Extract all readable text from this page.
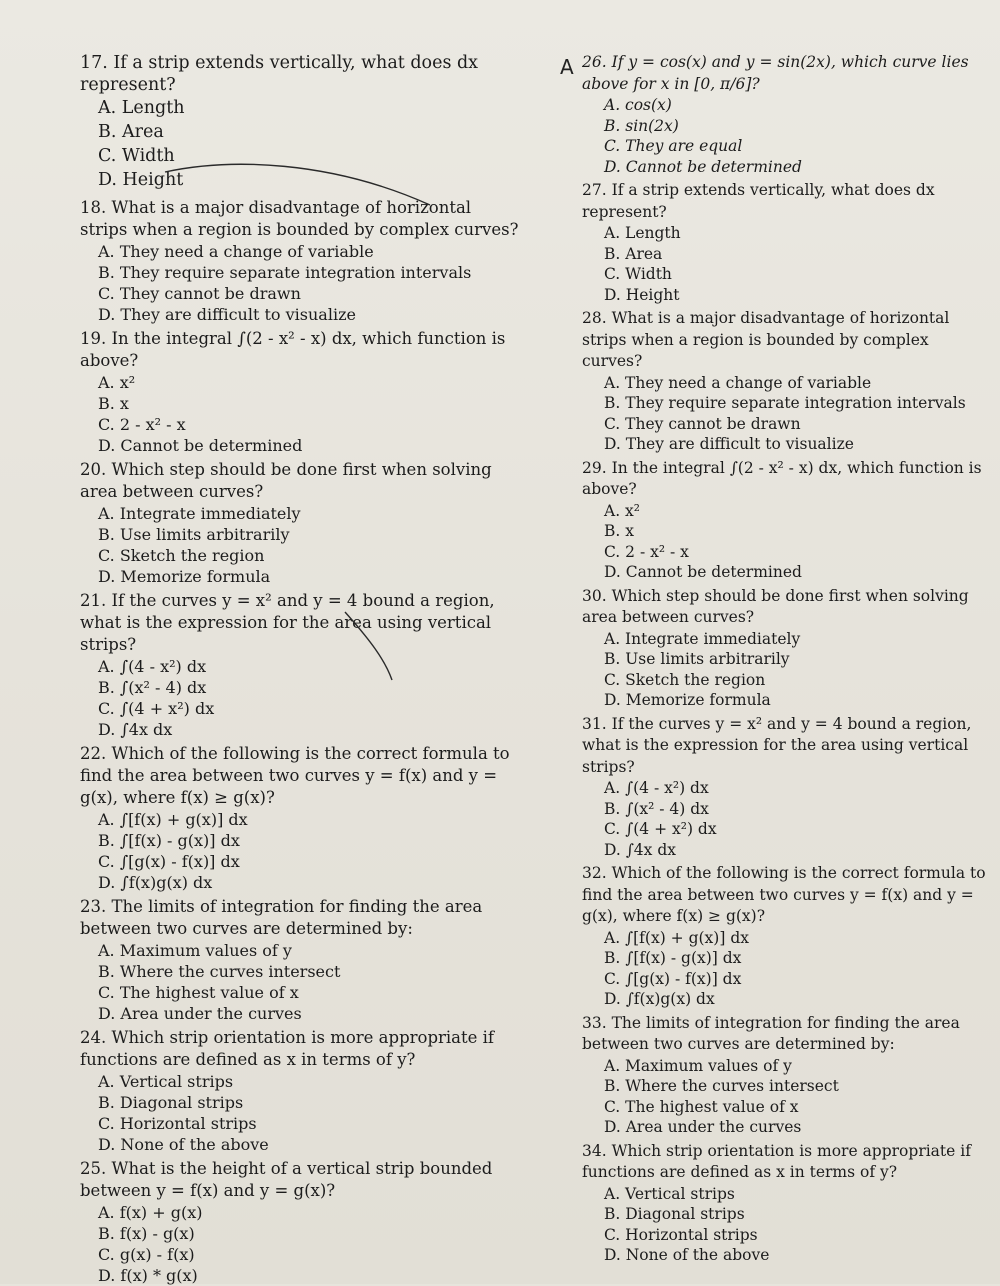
17. If a strip extends vertically, what does dx represent?
A. Length
B. Area
C. Width
D. Height
18. What is a major disadvantage of horizontal strips when a region is bounded by complex curves?
A. They need a change of variable
B. They require separate integration intervals
C. They cannot be drawn
D. They are difficult to visualize
19. In the integral ∫(2 - x² - x) dx, which function is above?
A. x²
B. x
C. 2 - x² - x
D. Cannot be determined
20. Which step should be done first when solving area between curves?
A. Integrate immediately
B. Use limits arbitrarily
C. Sketch the region
D. Memorize formula
21. If the curves y = x² and y = 4 bound a region, what is the expression for the area using vertical strips?
A. ∫(4 - x²) dx
B. ∫(x² - 4) dx
C. ∫(4 + x²) dx
D. ∫4x dx
22. Which of the following is the correct formula to find the area between two curves y = f(x) and y = g(x), where f(x) ≥ g(x)?
A. ∫[f(x) + g(x)] dx
B. ∫[f(x) - g(x)] dx
C. ∫[g(x) - f(x)] dx
D. ∫f(x)g(x) dx
23. The limits of integration for finding the area between two curves are determined by:
A. Maximum values of y
B. Where the curves intersect
C. The highest value of x
D. Area under the curves
24. Which strip orientation is more appropriate if functions are defined as x in terms of y?
A. Vertical strips
B. Diagonal strips
C. Horizontal strips
D. None of the above
25. What is the height of a vertical strip bounded between y = f(x) and y = g(x)?
A. f(x) + g(x)
B. f(x) - g(x)
C. g(x) - f(x)
D. f(x) * g(x)
A 26. If y = cos(x) and y = sin(2x), which curve lies above for x in [0, π/6]?
A. cos(x)
B. sin(2x)
C. They are equal
D. Cannot be determined
27. If a strip extends vertically, what does dx represent?
A. Length
B. Area
C. Width
D. Height
28. What is a major disadvantage of horizontal strips when a region is bounded by complex curves?
A. They need a change of variable
B. They require separate integration intervals
C. They cannot be drawn
D. They are difficult to visualize
29. In the integral ∫(2 - x² - x) dx, which function is above?
A. x²
B. x
C. 2 - x² - x
D. Cannot be determined
30. Which step should be done first when solving area between curves?
A. Integrate immediately
B. Use limits arbitrarily
C. Sketch the region
D. Memorize formula
31. If the curves y = x² and y = 4 bound a region, what is the expression for the area using vertical strips?
A. ∫(4 - x²) dx
B. ∫(x² - 4) dx
C. ∫(4 + x²) dx
D. ∫4x dx
32. Which of the following is the correct formula to find the area between two curves y = f(x) and y = g(x), where f(x) ≥ g(x)?
A. ∫[f(x) + g(x)] dx
B. ∫[f(x) - g(x)] dx
C. ∫[g(x) - f(x)] dx
D. ∫f(x)g(x) dx
33. The limits of integration for finding the area between two curves are determined by:
A. Maximum values of y
B. Where the curves intersect
C. The highest value of x
D. Area under the curves
34. Which strip orientation is more appropriate if functions are defined as x in terms of y?
A. Vertical strips
B. Diagonal strips
C. Horizontal strips
D. None of the above
